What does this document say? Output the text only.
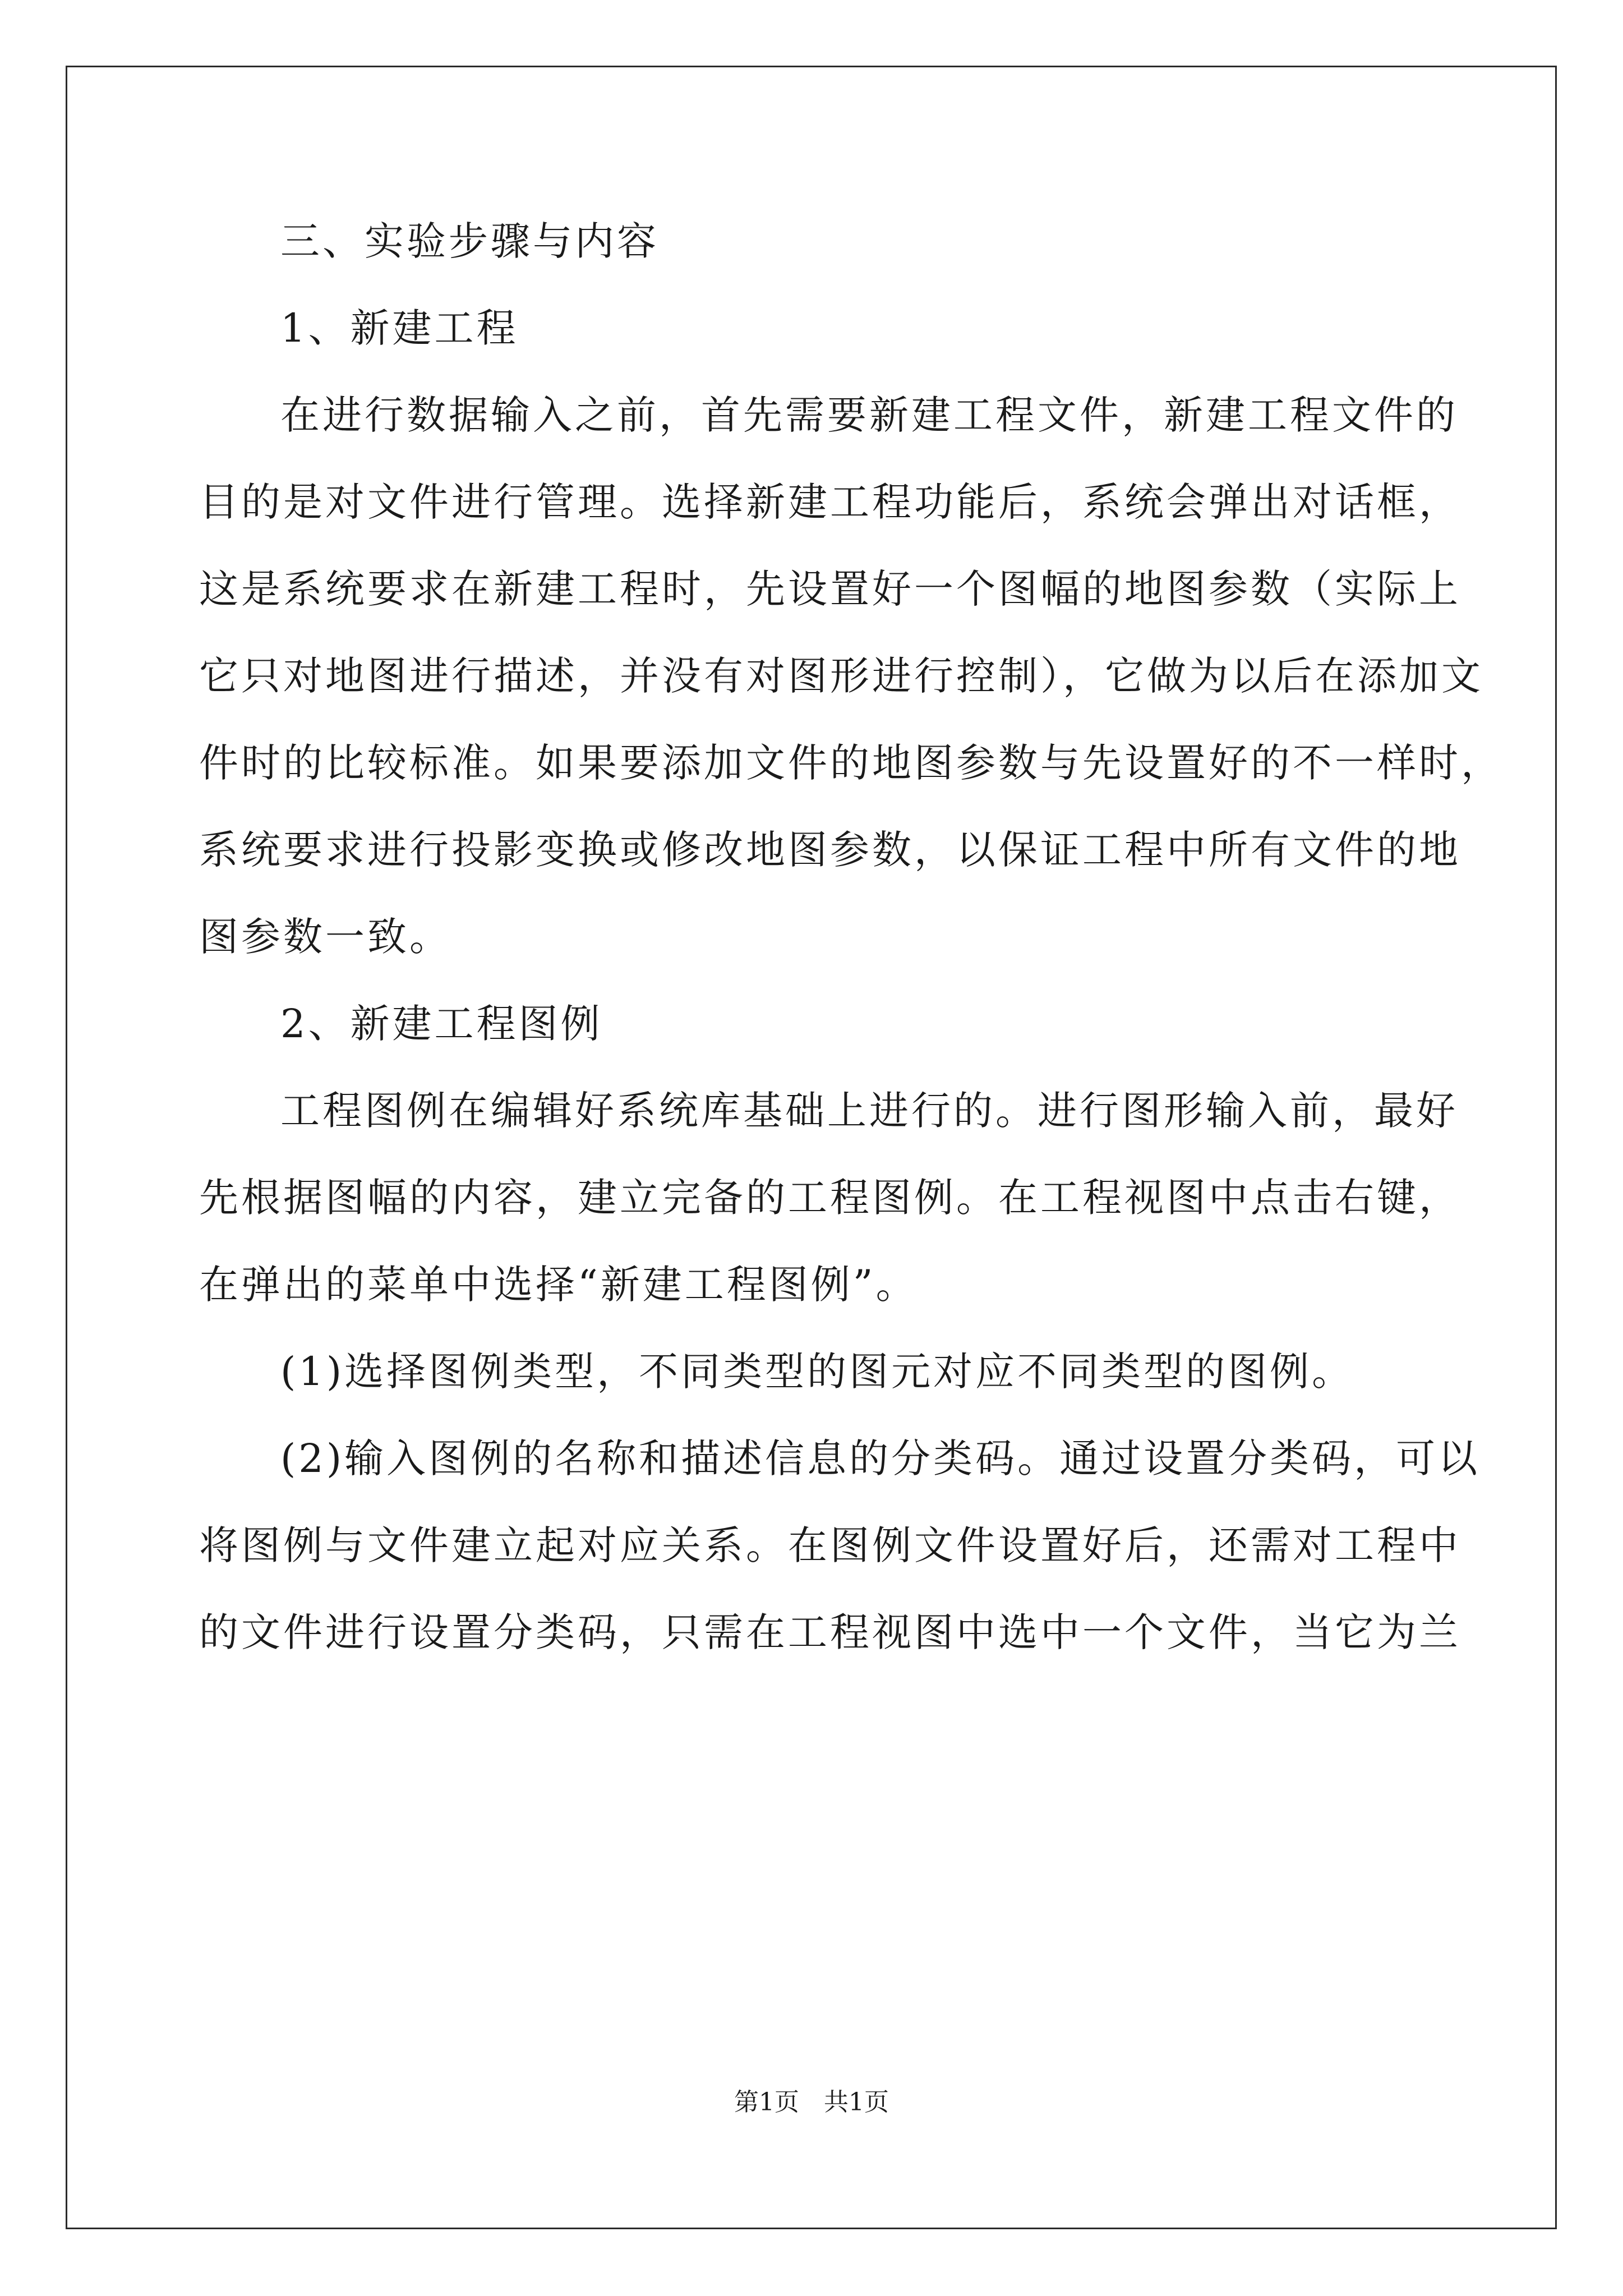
三、实验步骤与内容
1、新建工程
在进行数据输入之前，首先需要新建工程文件，新建工程文件的
目的是对文件进行管理。选择新建工程功能后，系统会弹出对话框，
这是系统要求在新建工程时，先设置好一个图幅的地图参数（实际上
它只对地图进行描述，并没有对图形进行控制），它做为以后在添加文
件时的比较标准。如果要添加文件的地图参数与先设置好的不一样时，
系统要求进行投影变换或修改地图参数，以保证工程中所有文件的地
图参数一致。
2、新建工程图例
工程图例在编辑好系统库基础上进行的。进行图形输入前，最好
先根据图幅的内容，建立完备的工程图例。在工程视图中点击右键，
在弹出的菜单中选择“新建工程图例”。
(1)选择图例类型，不同类型的图元对应不同类型的图例。
(2)输入图例的名称和描述信息的分类码。通过设置分类码，可以
将图例与文件建立起对应关系。在图例文件设置好后，还需对工程中
的文件进行设置分类码，只需在工程视图中选中一个文件，当它为兰
第1页　共1页
